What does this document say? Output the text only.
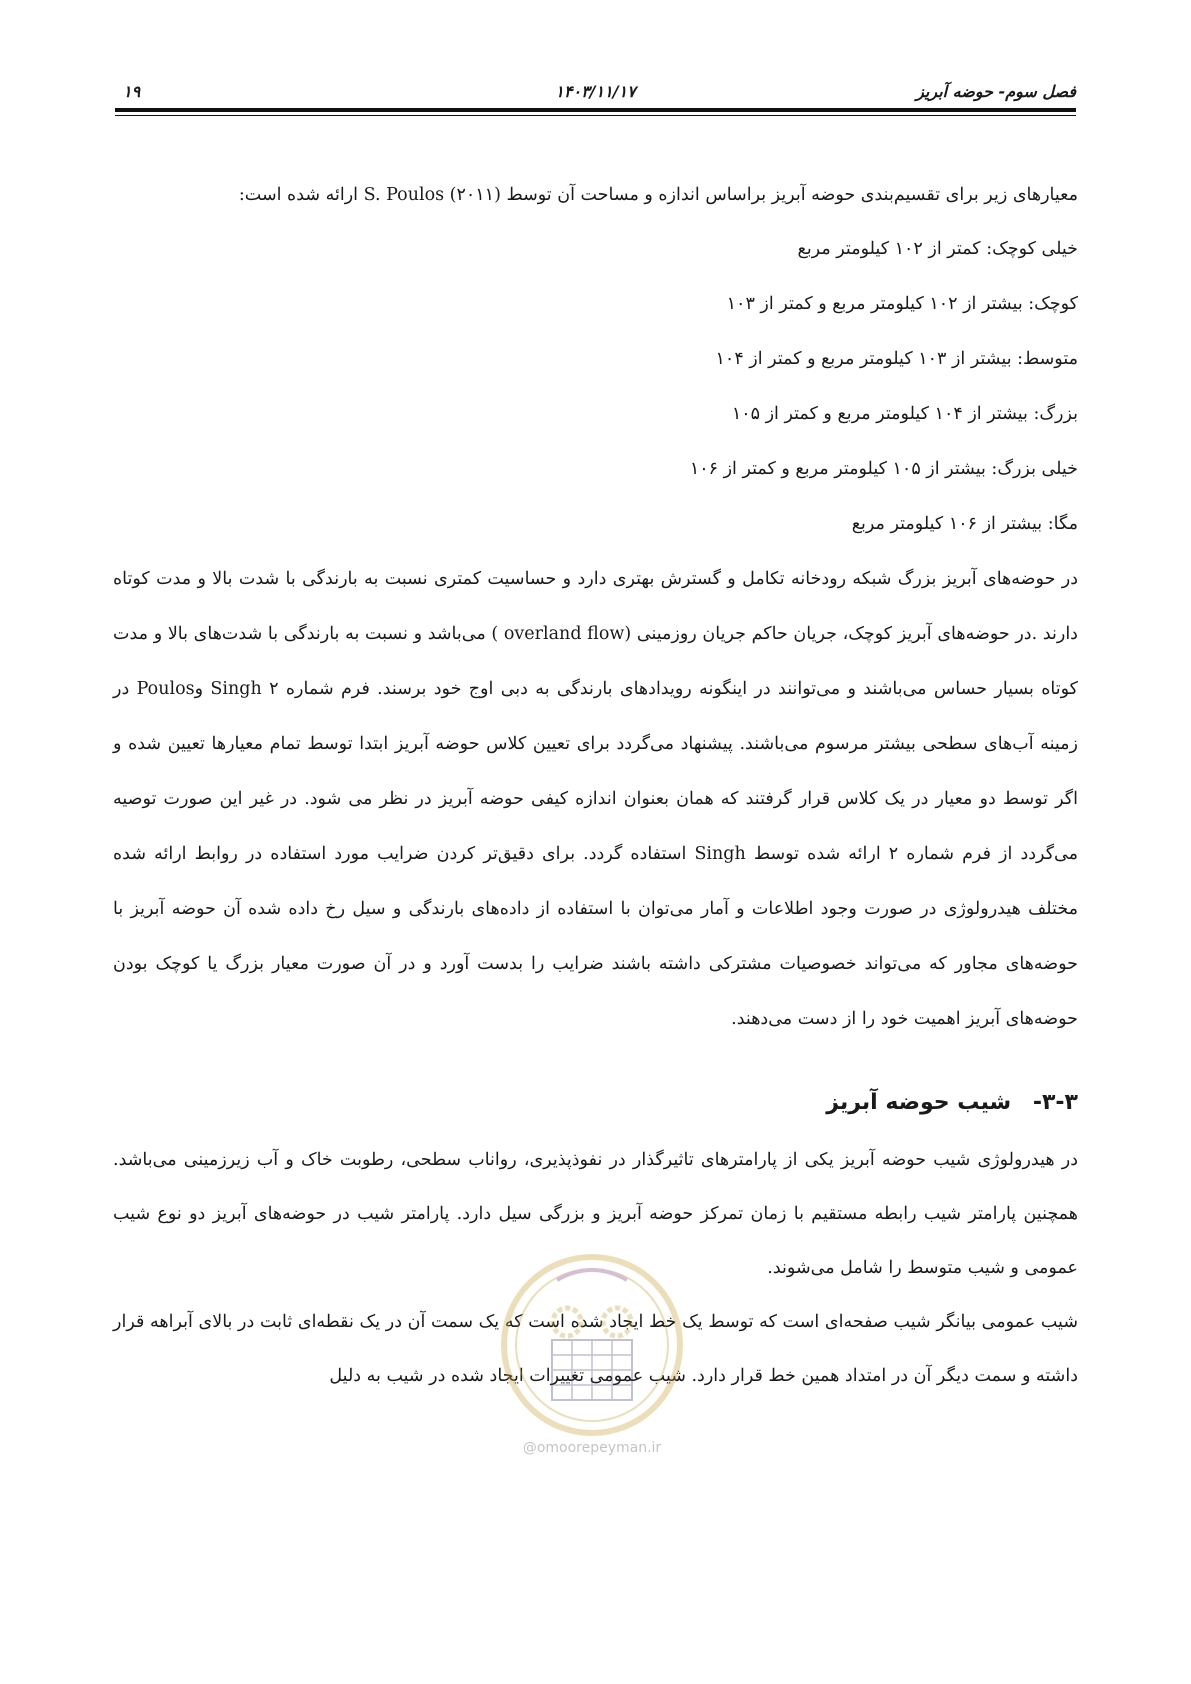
۱۹	۱۴۰۳/۱۱/۱۷	فصل سوم- حوضه آبریز

معیارهای زیر برای تقسیم‌بندی حوضه آبریز براساس اندازه و مساحت آن توسط S. Poulos (۲۰۱۱) ارائه شده است:

خیلی کوچک: کمتر از ۱۰۲ کیلومتر مربع
کوچک: بیشتر از ۱۰۲ کیلومتر مربع و کمتر از ۱۰۳
متوسط: بیشتر از ۱۰۳ کیلومتر مربع و کمتر از ۱۰۴
بزرگ: بیشتر از ۱۰۴ کیلومتر مربع و کمتر از ۱۰۵
خیلی بزرگ: بیشتر از ۱۰۵ کیلومتر مربع و کمتر از ۱۰۶
مگا: بیشتر از ۱۰۶ کیلومتر مربع

در حوضه‌های آبریز بزرگ شبکه رودخانه تکامل و گسترش بهتری دارد و حساسیت کمتری نسبت به بارندگی با شدت بالا و مدت کوتاه دارند .در حوضه‌های آبریز کوچک، جریان حاکم جریان روزمینی (overland flow ) می‌باشد و نسبت به بارندگی با شدت‌های بالا و مدت کوتاه بسیار حساس می‌باشند و می‌توانند در اینگونه رویدادهای بارندگی به دبی اوج خود برسند. فرم شماره ۲ Singh وPoulos در زمینه آب‌های سطحی بیشتر مرسوم می‌باشند. پیشنهاد می‌گردد برای تعیین کلاس حوضه آبریز ابتدا توسط تمام معیارها تعیین شده و اگر توسط دو معیار در یک کلاس قرار گرفتند که همان بعنوان اندازه کیفی حوضه آبریز در نظر می شود. در غیر این صورت توصیه می‌گردد از فرم شماره ۲ ارائه شده توسط Singh استفاده گردد. برای دقیق‌تر کردن ضرایب مورد استفاده در روابط ارائه شده مختلف هیدرولوژی در صورت وجود اطلاعات و آمار می‌توان با استفاده از داده‌های بارندگی و سیل رخ داده شده آن حوضه آبریز با حوضه‌های مجاور که می‌تواند خصوصیات مشترکی داشته باشند ضرایب را بدست آورد و در آن صورت معیار بزرگ یا کوچک بودن حوضه‌های آبریز اهمیت خود را از دست می‌دهند.

۳-۳- شیب حوضه آبریز

در هیدرولوژی شیب حوضه آبریز یکی از پارامترهای تاثیرگذار در نفوذپذیری، رواناب سطحی، رطوبت خاک و آب زیرزمینی می‌باشد. همچنین پارامتر شیب رابطه مستقیم با زمان تمرکز حوضه آبریز و بزرگی سیل دارد. پارامتر شیب در حوضه‌های آبریز دو نوع شیب عمومی و شیب متوسط را شامل می‌شوند.

شیب عمومی بیانگر شیب صفحه‌ای است که توسط یک خط ایجاد شده است که یک سمت آن در یک نقطه‌ای ثابت در بالای آبراهه قرار داشته و سمت دیگر آن در امتداد همین خط قرار دارد. شیب عمومی تغییرات ایجاد شده در شیب به دلیل

@omoorepeyman.ir
